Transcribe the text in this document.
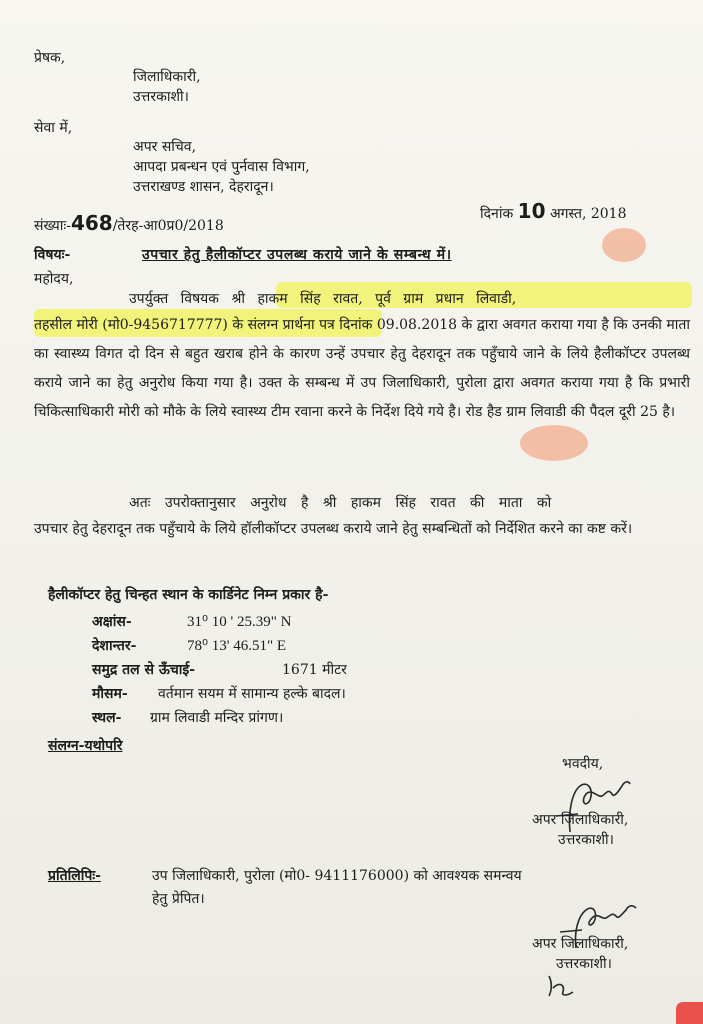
प्रेषक,
जिलाधिकारी,
उत्तरकाशी।
सेवा में,
अपर सचिव,
आपदा प्रबन्धन एवं पुर्नवास विभाग,
उत्तराखण्ड शासन, देहरादून।
संख्याः-468/तेरह-आ0प्र0/2018
दिनांक 10 अगस्त, 2018
विषयः-	उपचार हेतु हैलीकॉप्टर उपलब्ध कराये जाने के सम्बन्ध में।
महोदय,
उपर्युक्त विषयक श्री हाकम सिंह रावत, पूर्व ग्राम प्रधान लिवाडी,
तहसील मोरी (मो0-9456717777) के संलग्न प्रार्थना पत्र दिनांक 09.08.2018 के द्वारा अवगत कराया गया है कि उनकी माता का स्वास्थ्य विगत दो दिन से बहुत खराब होने के कारण उन्हें उपचार हेतु देहरादून तक पहुँचाये जाने के लिये हैलीकॉप्टर उपलब्ध कराये जाने का हेतु अनुरोध किया गया है। उक्त के सम्बन्ध में उप जिलाधिकारी, पुरोला द्वारा अवगत कराया गया है कि प्रभारी चिकित्साधिकारी मोरी को मौके के लिये स्वास्थ्य टीम रवाना करने के निर्देश दिये गये है। रोड हैड ग्राम लिवाडी की पैदल दूरी 25 है।
अतः उपरोक्तानुसार अनुरोध है श्री हाकम सिंह रावत की माता को
उपचार हेतु देहरादून तक पहुँचाये के लिये हॉलीकॉप्टर उपलब्ध कराये जाने हेतु सम्बन्धितों को निर्देशित करने का कष्ट करें।
हैलीकॉप्टर हेतु चिन्हत स्थान के कार्डिनेट निम्न प्रकार है-
अक्षांस-	31⁰ 10 ' 25.39" N
देशान्तर-	78⁰ 13' 46.51" E
समुद्र तल से ऊँचाई-	1671 मीटर
मौसम- वर्तमान सयम में सामान्य हल्के बादल।
स्थल- ग्राम लिवाडी मन्दिर प्रांगण।
संलग्न-यथोपरि
भवदीय,
अपर जिलाधिकारी,
उत्तरकाशी।
प्रतिलिपिः-	उप जिलाधिकारी, पुरोला (मो0- 9411176000) को आवश्यक समन्वय
हेतु प्रेपित।
अपर जिलाधिकारी,
उत्तरकाशी।
